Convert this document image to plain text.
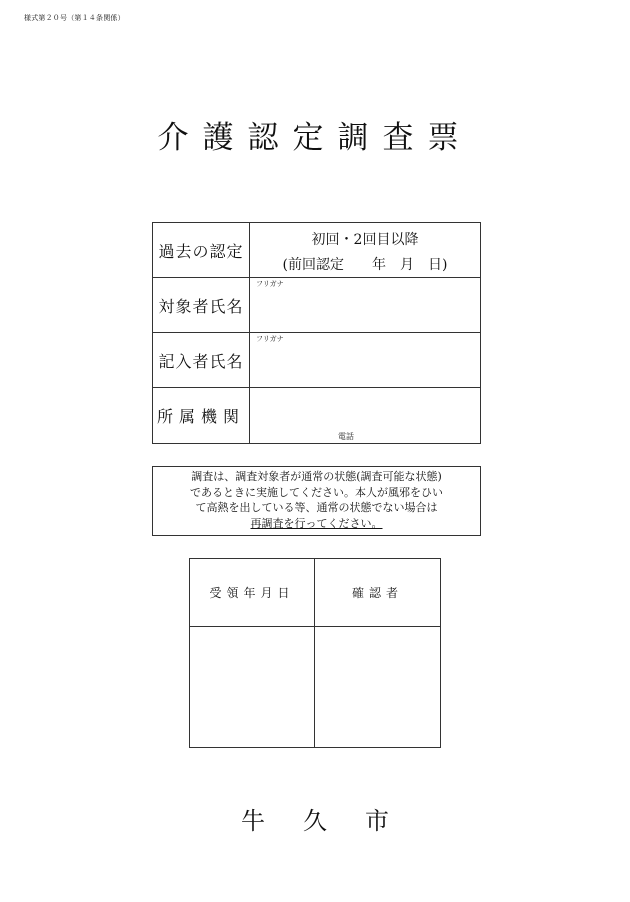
様式第２０号（第１４条関係）
介護認定調査票
過去の認定
初回・2回目以降
(前回認定　　年　月　日)
対象者氏名
フリガナ
記入者氏名
フリガナ
所属機関
電話
調査は、調査対象者が通常の状態(調査可能な状態)
であるときに実施してください。本人が風邪をひい
て高熱を出している等、通常の状態でない場合は
再調査を行ってください。
受領年月日	確認者
牛久市
